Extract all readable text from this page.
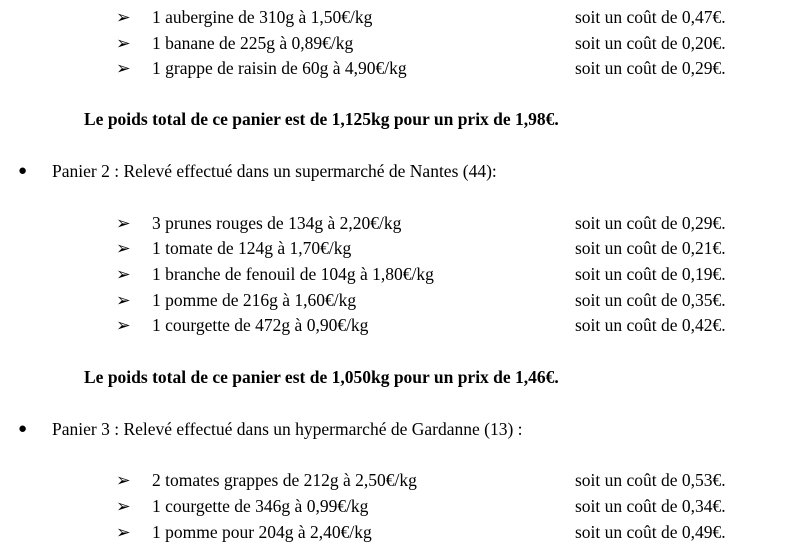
➢	1 aubergine de 310g à 1,50€/kg	soit un coût de 0,47€.
➢	1 banane de 225g à 0,89€/kg	soit un coût de 0,20€.
➢	1 grappe de raisin de 60g à 4,90€/kg	soit un coût de 0,29€.
Le poids total de ce panier est de 1,125kg pour un prix de 1,98€.
● Panier 2 : Relevé effectué dans un supermarché de Nantes (44):
➢	3 prunes rouges de 134g à 2,20€/kg	soit un coût de 0,29€.
➢	1 tomate de 124g à 1,70€/kg	soit un coût de 0,21€.
➢	1 branche de fenouil de 104g à 1,80€/kg	soit un coût de 0,19€.
➢	1 pomme de 216g à 1,60€/kg	soit un coût de 0,35€.
➢	1 courgette de 472g à 0,90€/kg	soit un coût de 0,42€.
Le poids total de ce panier est de 1,050kg pour un prix de 1,46€.
● Panier 3 : Relevé effectué dans un hypermarché de Gardanne (13) :
➢	2 tomates grappes de 212g à 2,50€/kg	soit un coût de 0,53€.
➢	1 courgette de 346g à 0,99€/kg	soit un coût de 0,34€.
➢	1 pomme pour 204g à 2,40€/kg	soit un coût de 0,49€.
